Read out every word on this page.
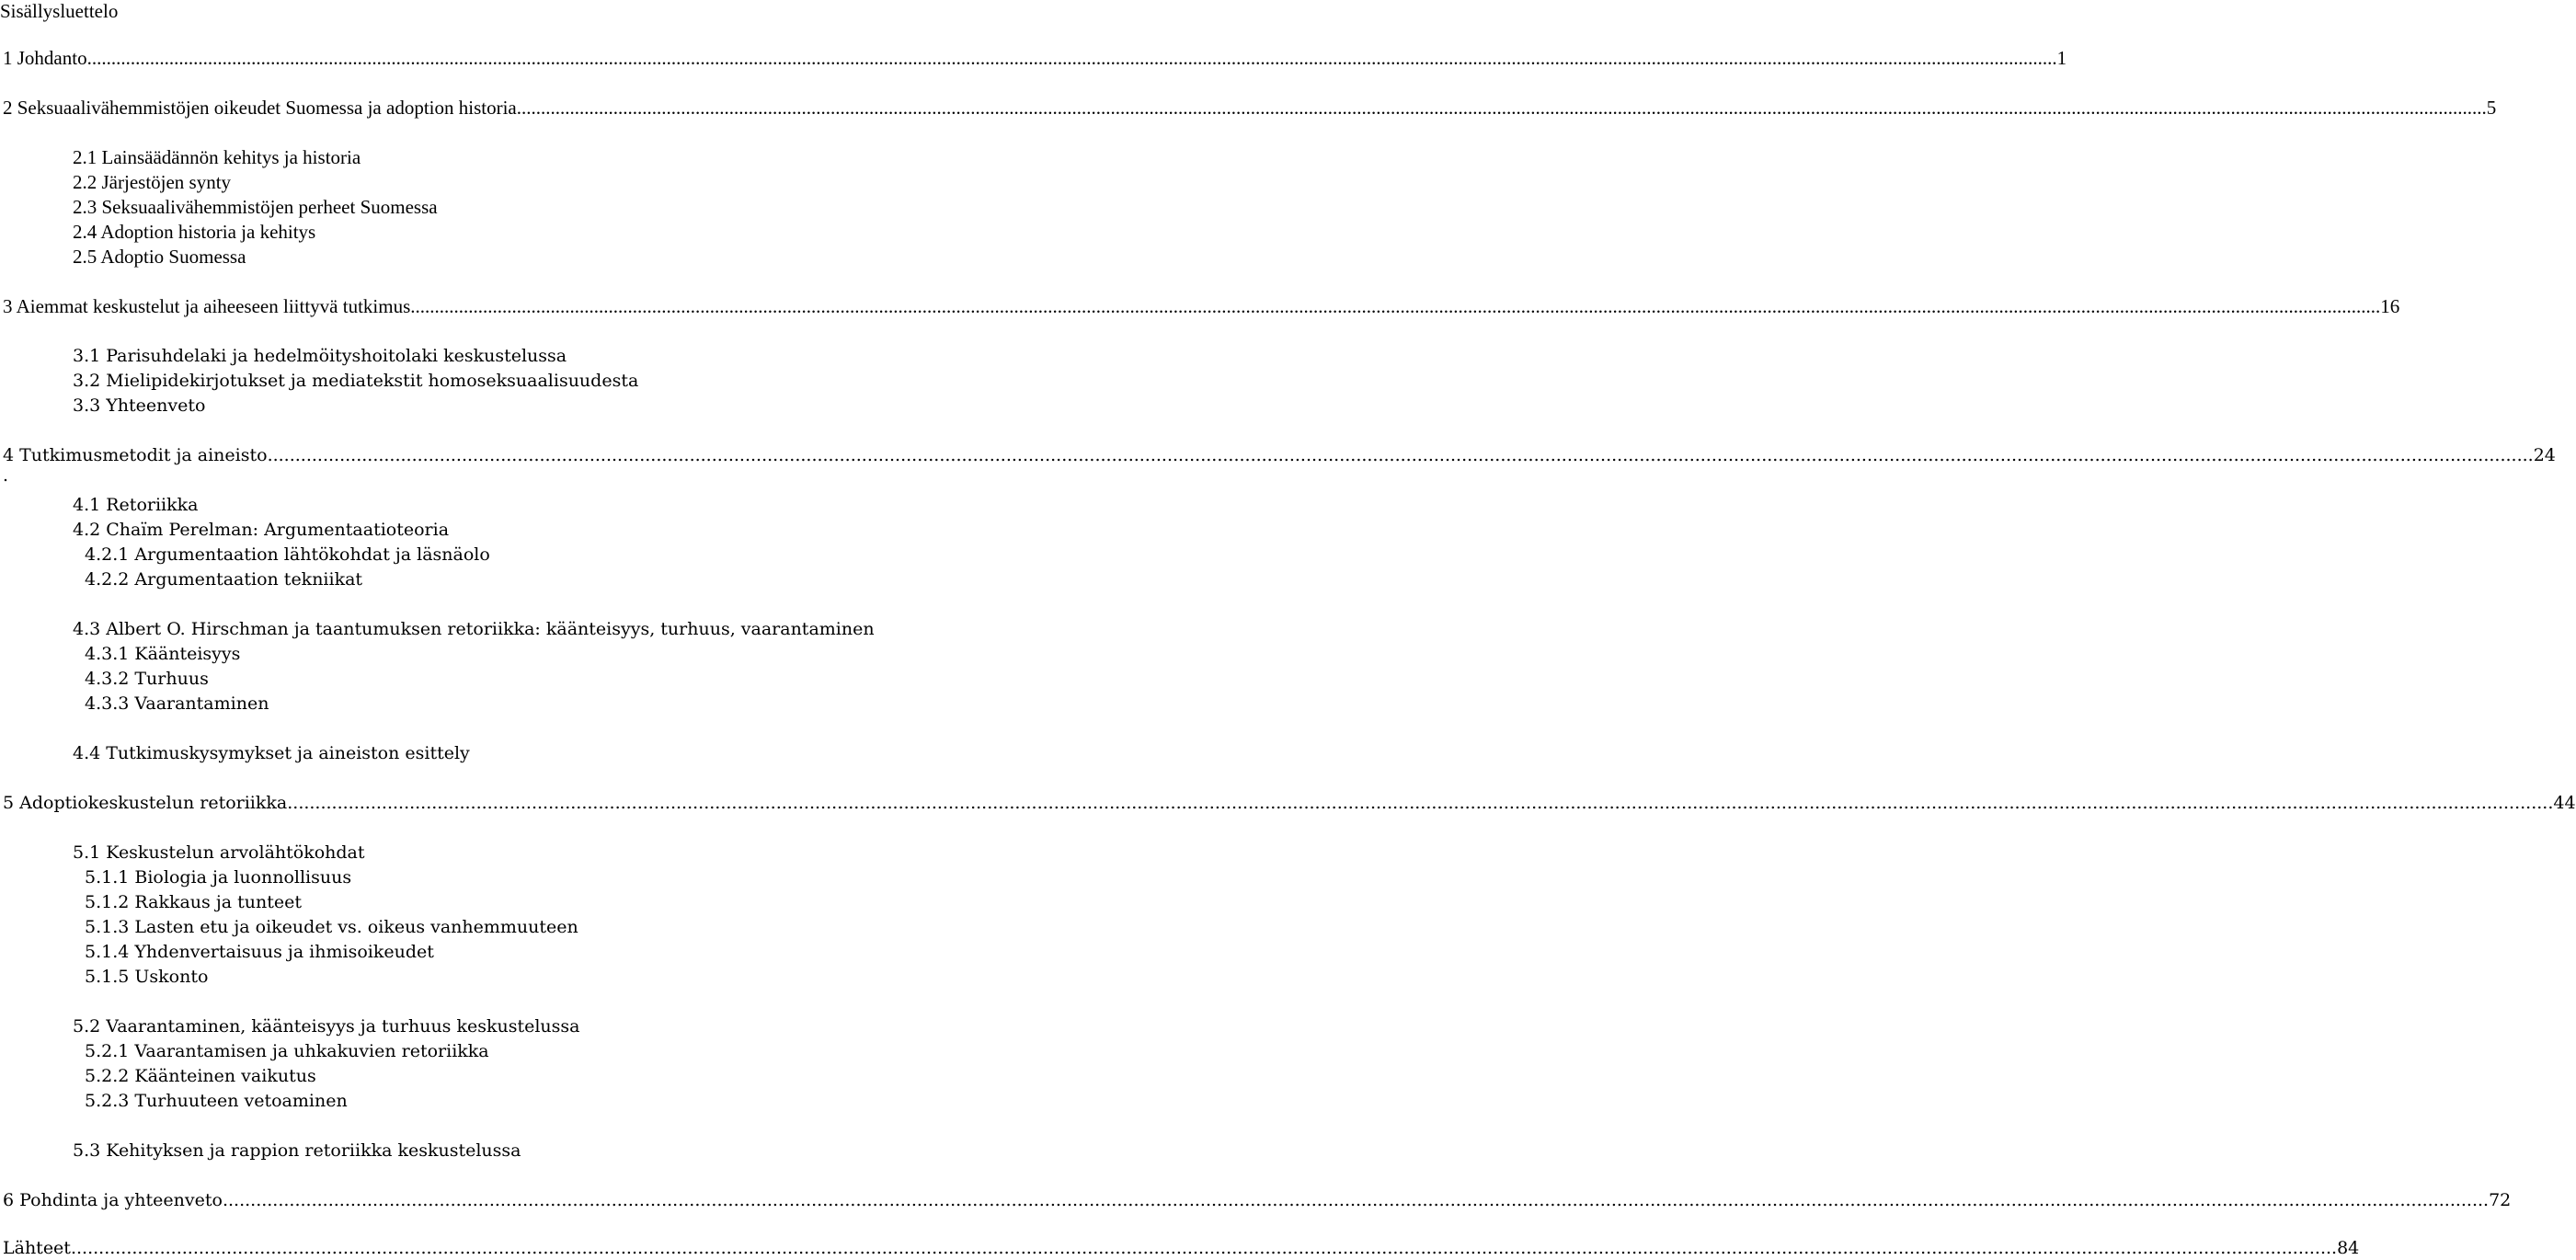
Sisällysluettelo
1 Johdanto ........................................................................................................................................................................................................................................................................................................................................................................................................................ 1
2 Seksuaalivähemmistöjen oikeudet Suomessa ja adoption historia ........................................................................................................................................................................................................................................................................................................................................................................................................................ 5
2.1 Lainsäädännön kehitys ja historia
2.2 Järjestöjen synty
2.3 Seksuaalivähemmistöjen perheet Suomessa
2.4 Adoption historia ja kehitys
2.5 Adoptio Suomessa
3 Aiemmat keskustelut ja aiheeseen liittyvä tutkimus ........................................................................................................................................................................................................................................................................................................................................................................................................................ 16
3.1 Parisuhdelaki ja hedelmöityshoitolaki keskustelussa
3.2 Mielipidekirjotukset ja mediatekstit homoseksuaalisuudesta
3.3 Yhteenveto
4 Tutkimusmetodit ja aineisto ........................................................................................................................................................................................................................................................................................................................................................................................................................ 24
.
4.1 Retoriikka
4.2 Chaïm Perelman: Argumentaatioteoria
4.2.1 Argumentaation lähtökohdat ja läsnäolo
4.2.2 Argumentaation tekniikat
4.3 Albert O. Hirschman ja taantumuksen retoriikka: käänteisyys, turhuus, vaarantaminen
4.3.1 Käänteisyys
4.3.2 Turhuus
4.3.3 Vaarantaminen
4.4 Tutkimuskysymykset ja aineiston esittely
5 Adoptiokeskustelun retoriikka ........................................................................................................................................................................................................................................................................................................................................................................................................................ 44
5.1 Keskustelun arvolähtökohdat
5.1.1 Biologia ja luonnollisuus
5.1.2 Rakkaus ja tunteet
5.1.3 Lasten etu ja oikeudet vs. oikeus vanhemmuuteen
5.1.4 Yhdenvertaisuus ja ihmisoikeudet
5.1.5 Uskonto
5.2 Vaarantaminen, käänteisyys ja turhuus keskustelussa
5.2.1 Vaarantamisen ja uhkakuvien retoriikka
5.2.2 Käänteinen vaikutus
5.2.3 Turhuuteen vetoaminen
5.3 Kehityksen ja rappion retoriikka keskustelussa
6 Pohdinta ja yhteenveto ........................................................................................................................................................................................................................................................................................................................................................................................................................ 72
Lähteet ........................................................................................................................................................................................................................................................................................................................................................................................................................ 84
